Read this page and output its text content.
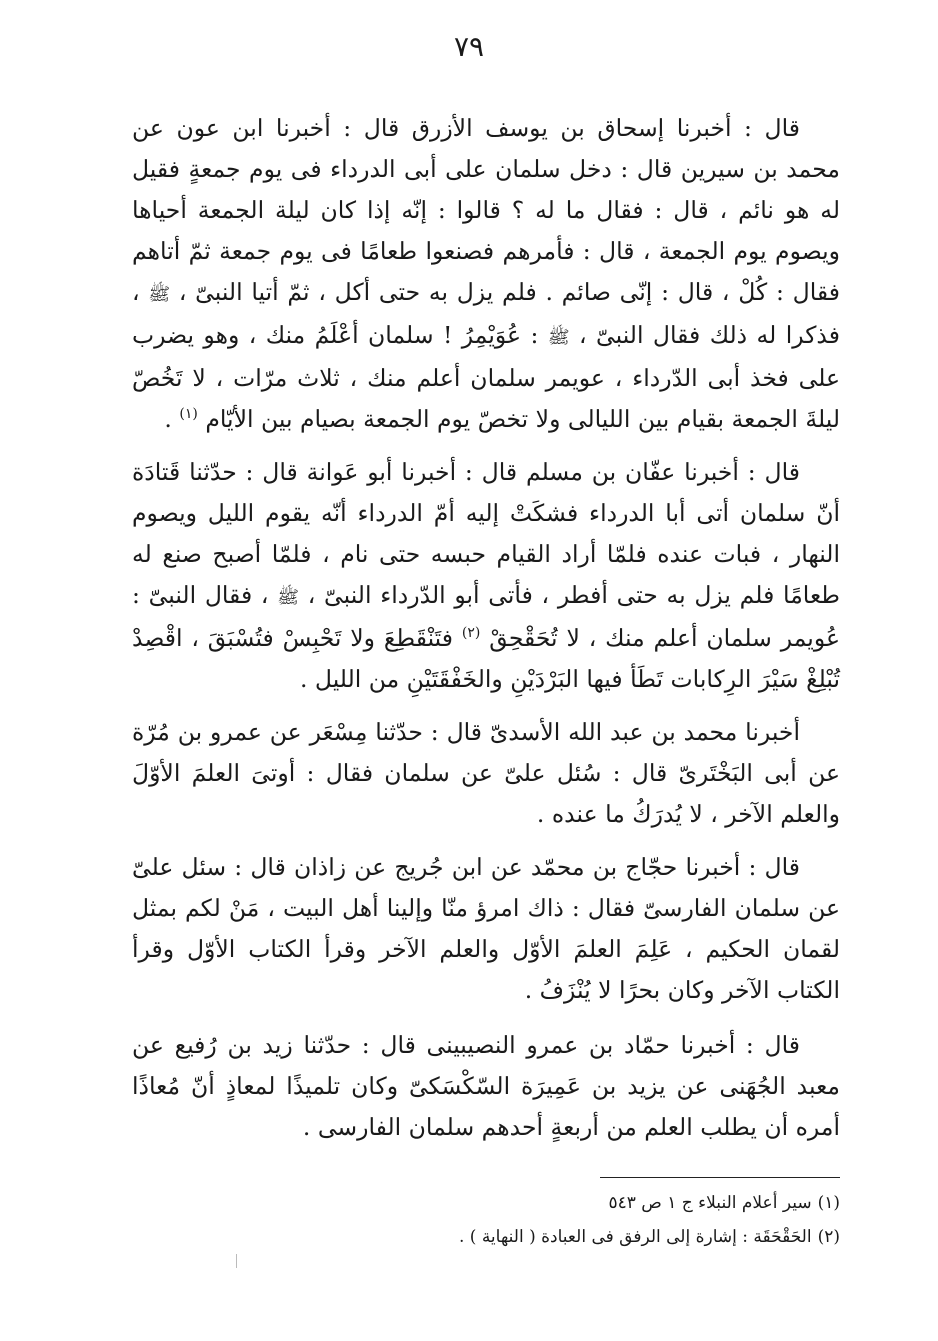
٧٩

قال : أخبرنا إسحاق بن يوسف الأزرق قال : أخبرنا ابن عون عن محمد بن سيرين قال : دخل سلمان على أبى الدرداء فى يوم جمعةٍ فقيل له هو نائم ، قال : فقال ما له ؟ قالوا : إنّه إذا كان ليلة الجمعة أحياها ويصوم يوم الجمعة ، قال : فأمرهم فصنعوا طعامًا فى يوم جمعة ثمّ أتاهم فقال : كُلْ ، قال : إنّى صائم . فلم يزل به حتى أكل ، ثمّ أتيا النبىّ ، ﷺ ، فذكرا له ذلك فقال النبىّ ، ﷺ : عُوَيْمِرُ ! سلمان أعْلَمُ منك ، وهو يضرب على فخذ أبى الدّرداء ، عويمر سلمان أعلم منك ، ثلاث مرّات ، لا تَخُصّ ليلةَ الجمعة بقيام بين الليالى ولا تخصّ يوم الجمعة بصيام بين الأيّام $^{(١)}$ .

قال : أخبرنا عفّان بن مسلم قال : أخبرنا أبو عَوانة قال : حدّثنا قَتادَة أنّ سلمان أتى أبا الدرداء فشكَتْ إليه أمّ الدرداء أنّه يقوم الليل ويصوم النهار ، فبات عنده فلمّا أراد القيام حبسه حتى نام ، فلمّا أصبح صنع له طعامًا فلم يزل به حتى أفطر ، فأتى أبو الدّرداء النبىّ ، ﷺ ، فقال النبىّ : عُويمر سلمان أعلم منك ، لا تُحَقْحِقْ $^{(٢)}$ فتَنْقَطِعَ ولا تَحْبِسْ فتُسْبَقَ ، اقْصِدْ تُبْلِغْ سَيْرَ الرِكابات تَطَأ فيها البَرْدَيْنِ والخَفْقَتَيْنِ من الليل .

أخبرنا محمد بن عبد الله الأسدىّ قال : حدّثنا مِسْعَر عن عمرو بن مُرّة عن أبى البَخْتَرىّ قال : سُئل علىّ عن سلمان فقال : أوتىَ العلمَ الأوّلَ والعلم الآخر ، لا يُدرَكُ ما عنده .

قال : أخبرنا حجّاج بن محمّد عن ابن جُريج عن زاذان قال : سئل علىّ عن سلمان الفارسىّ فقال : ذاك امرؤ منّا وإلينا أهل البيت ، مَنْ لكم بمثل لقمان الحكيم ، عَلِمَ العلمَ الأوّل والعلم الآخر وقرأ الكتاب الأوّل وقرأ الكتاب الآخر وكان بحرًا لا يُنْزَفُ .

قال : أخبرنا حمّاد بن عمرو النصيبينى قال : حدّثنا زيد بن رُفيع عن معبد الجُهَنى عن يزيد بن عَمِيرَة السّكْسَكىّ وكان تلميذًا لمعاذٍ أنّ مُعاذًا أمره أن يطلب العلم من أربعةٍ أحدهم سلمان الفارسى .

(١)سير أعلام النبلاء ج ١ ص ٥٤٣

(٢)الحَقْحَقَة : إشارة إلى الرفق فى العبادة ( النهاية ) .
